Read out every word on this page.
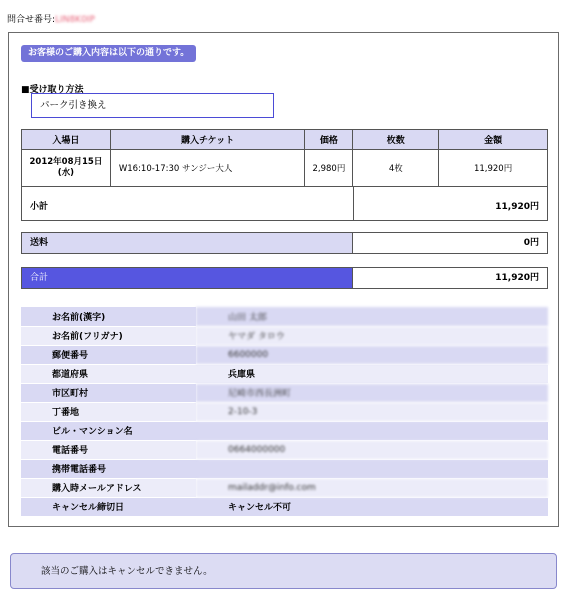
問合せ番号:LIN8K0IP
お客様のご購入内容は以下の通りです。
■受け取り方法
パーク引き換え
入場日	購入チケット	価格	枚数	金額
2012年08月15日
(水)	W16:10-17:30 サンジー大人	2,980円	4枚	11,920円
小計	11,920円
送料	0円
合計	11,920円
お名前(漢字)	山田 太郎
お名前(フリガナ)	ヤマダ タロウ
郵便番号	6600000
都道府県	兵庫県
市区町村	尼崎市西長洲町
丁番地	2-10-3
ビル・マンション名	
電話番号	0664000000
携帯電話番号	
購入時メールアドレス	mailaddr@info.com
キャンセル締切日	キャンセル不可
該当のご購入はキャンセルできません。
